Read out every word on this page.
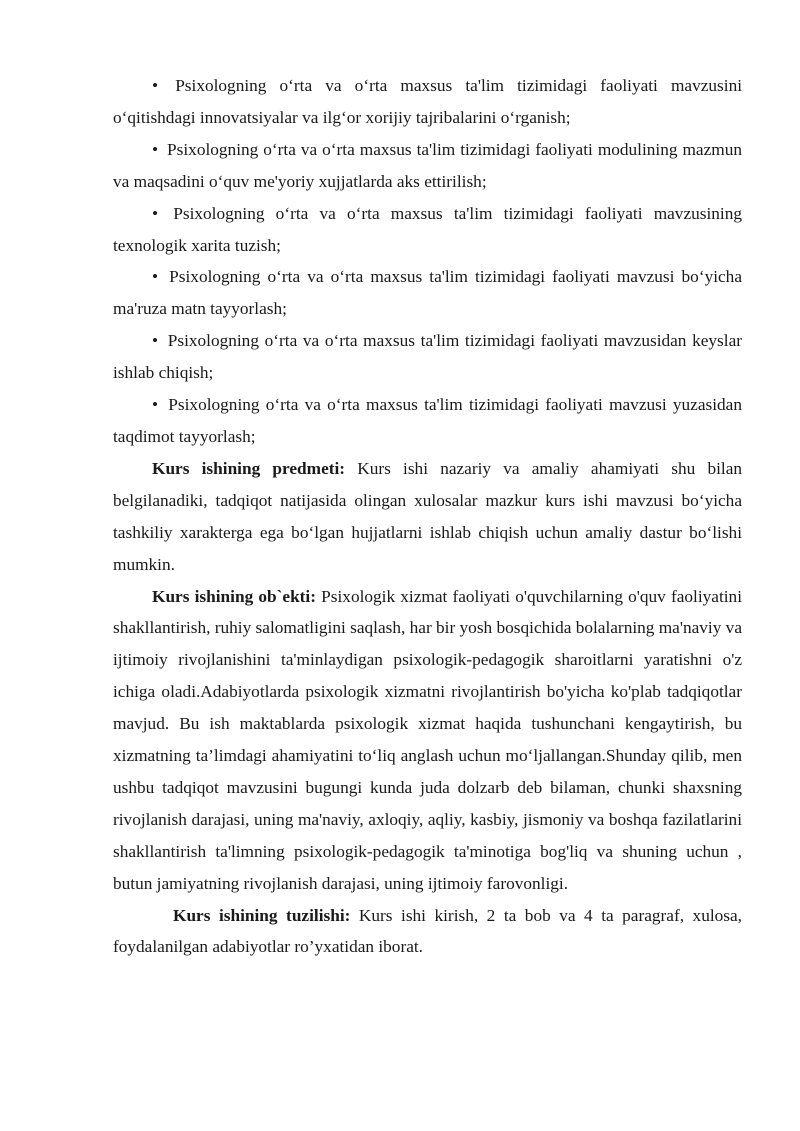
• Psixologning o‘rta va o‘rta maxsus ta'lim tizimidagi faoliyati mavzusini o‘qitishdagi innovatsiyalar va ilg‘or xorijiy tajribalarini o‘rganish;

• Psixologning o‘rta va o‘rta maxsus ta'lim tizimidagi faoliyati modulining mazmun va maqsadini o‘quv me'yoriy xujjatlarda aks ettirilish;

• Psixologning o‘rta va o‘rta maxsus ta'lim tizimidagi faoliyati mavzusining texnologik xarita tuzish;

• Psixologning o‘rta va o‘rta maxsus ta'lim tizimidagi faoliyati mavzusi bo‘yicha ma'ruza matn tayyorlash;

• Psixologning o‘rta va o‘rta maxsus ta'lim tizimidagi faoliyati mavzusidan keyslar ishlab chiqish;

• Psixologning o‘rta va o‘rta maxsus ta'lim tizimidagi faoliyati mavzusi yuzasidan taqdimot tayyorlash;

Kurs ishining predmeti: Kurs ishi nazariy va amaliy ahamiyati shu bilan belgilanadiki, tadqiqot natijasida olingan xulosalar mazkur kurs ishi mavzusi bo‘yicha tashkiliy xarakterga ega bo‘lgan hujjatlarni ishlab chiqish uchun amaliy dastur bo‘lishi mumkin.

Kurs ishining ob`ekti: Psixologik xizmat faoliyati o'quvchilarning o'quv faoliyatini shakllantirish, ruhiy salomatligini saqlash, har bir yosh bosqichida bolalarning ma'naviy va ijtimoiy rivojlanishini ta'minlaydigan psixologik-pedagogik sharoitlarni yaratishni o'z ichiga oladi.Adabiyotlarda psixologik xizmatni rivojlantirish bo'yicha ko'plab tadqiqotlar mavjud. Bu ish maktablarda psixologik xizmat haqida tushunchani kengaytirish, bu xizmatning ta’limdagi ahamiyatini to‘liq anglash uchun mo‘ljallangan.Shunday qilib, men ushbu tadqiqot mavzusini bugungi kunda juda dolzarb deb bilaman, chunki shaxsning rivojlanish darajasi, uning ma'naviy, axloqiy, aqliy, kasbiy, jismoniy va boshqa fazilatlarini shakllantirish ta'limning psixologik-pedagogik ta'minotiga bog'liq va shuning uchun , butun jamiyatning rivojlanish darajasi, uning ijtimoiy farovonligi.

Kurs ishining tuzilishi: Kurs ishi kirish, 2 ta bob va 4 ta paragraf, xulosa, foydalanilgan adabiyotlar ro’yxatidan iborat.
